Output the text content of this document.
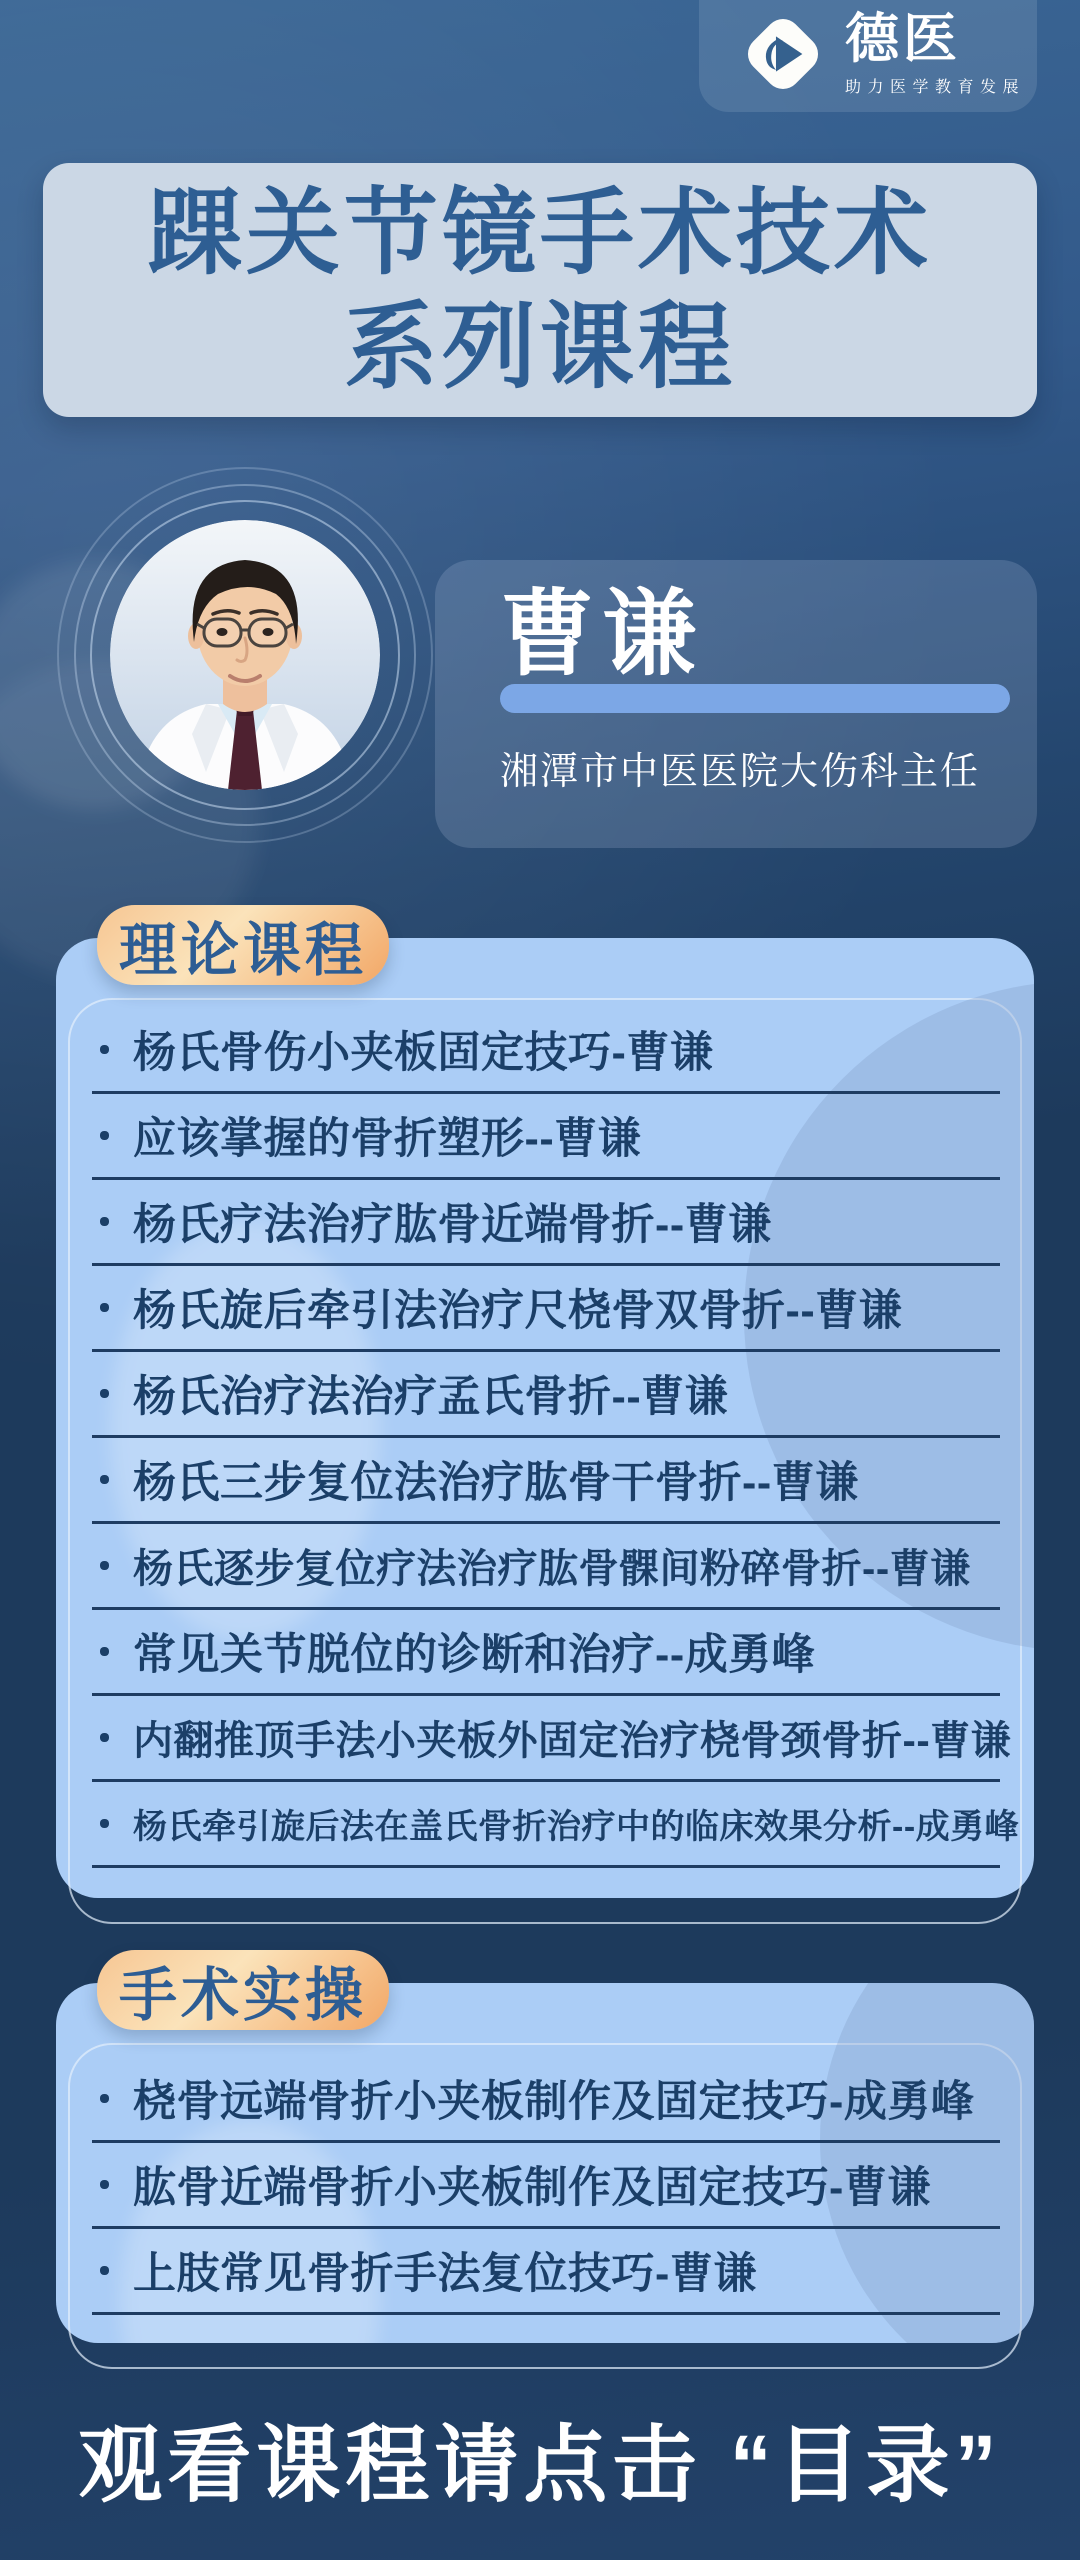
德医
助力医学教育发展
踝关节镜手术技术
系列课程
曹谦
湘潭市中医医院大伤科主任
理论课程
杨氏骨伤小夹板固定技巧-曹谦
应该掌握的骨折塑形--曹谦
杨氏疗法治疗肱骨近端骨折--曹谦
杨氏旋后牵引法治疗尺桡骨双骨折--曹谦
杨氏治疗法治疗孟氏骨折--曹谦
杨氏三步复位法治疗肱骨干骨折--曹谦
杨氏逐步复位疗法治疗肱骨髁间粉碎骨折--曹谦
常见关节脱位的诊断和治疗--成勇峰
内翻推顶手法小夹板外固定治疗桡骨颈骨折--曹谦
杨氏牵引旋后法在盖氏骨折治疗中的临床效果分析--成勇峰
手术实操
桡骨远端骨折小夹板制作及固定技巧-成勇峰
肱骨近端骨折小夹板制作及固定技巧-曹谦
上肢常见骨折手法复位技巧-曹谦
观看课程请点击 “目录”
